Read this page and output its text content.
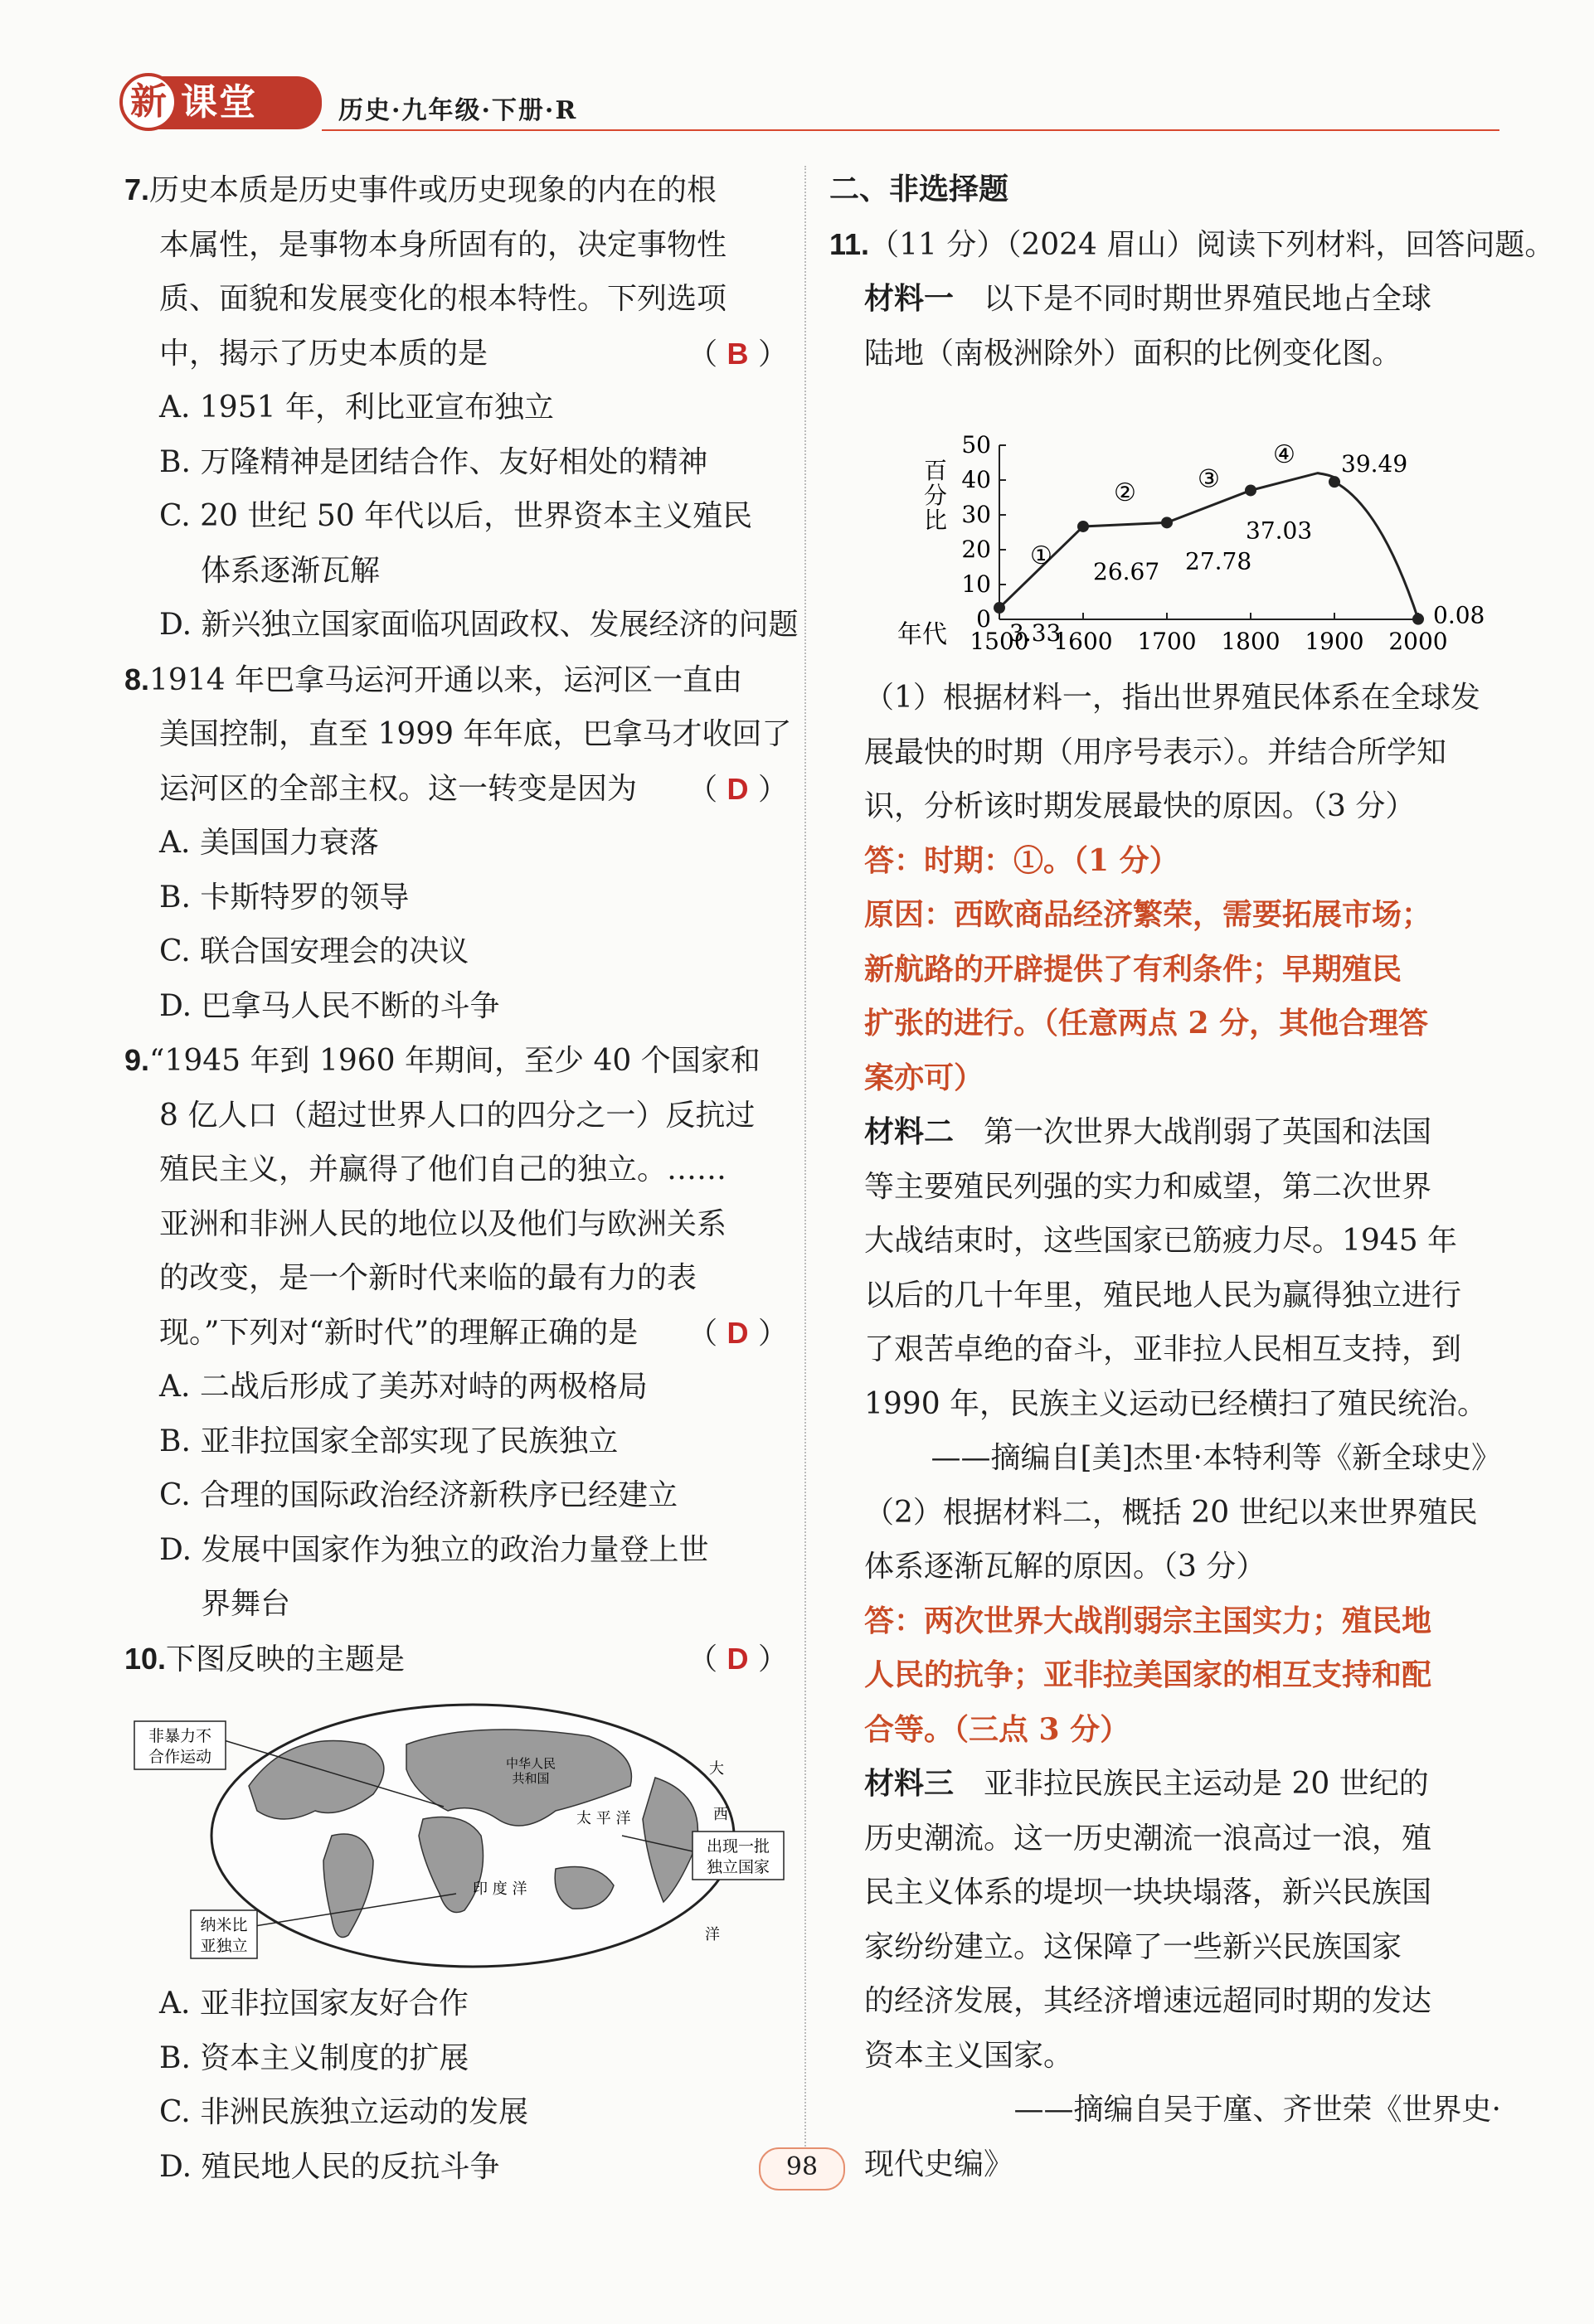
课堂
新	历史·九年级·下册·R
7.历史本质是历史事件或历史现象的内在的根
本属性，是事物本身所固有的，决定事物性
质、面貌和发展变化的根本特性。下列选项
中，揭示了历史本质的是	（ B ）
A. 1951 年，利比亚宣布独立
B. 万隆精神是团结合作、友好相处的精神
C. 20 世纪 50 年代以后，世界资本主义殖民
体系逐渐瓦解
D. 新兴独立国家面临巩固政权、发展经济的问题
8.1914 年巴拿马运河开通以来，运河区一直由
美国控制，直至 1999 年年底，巴拿马才收回了
运河区的全部主权。这一转变是因为 （ D ）
A. 美国国力衰落
B. 卡斯特罗的领导
C. 联合国安理会的决议
D. 巴拿马人民不断的斗争
9.“1945 年到 1960 年期间，至少 40 个国家和
8 亿人口（超过世界人口的四分之一）反抗过
殖民主义，并赢得了他们自己的独立。……
亚洲和非洲人民的地位以及他们与欧洲关系
的改变，是一个新时代来临的最有力的表
现。”下列对“新时代”的理解正确的是 （ D ）
A. 二战后形成了美苏对峙的两极格局
B. 亚非拉国家全部实现了民族独立
C. 合理的国际政治经济新秩序已经建立
D. 发展中国家作为独立的政治力量登上世
界舞台
10.下图反映的主题是	（ D ）
非暴力不
合作运动
出现一批
独立国家
纳米比
亚独立
中华人民
共和国
太 平 洋
印 度 洋
大
西
洋
A. 亚非拉国家友好合作
B. 资本主义制度的扩展
C. 非洲民族独立运动的发展
D. 殖民地人民的反抗斗争
二、非选择题
11.（11 分）（2024 眉山）阅读下列材料，回答问题。
材料一　 以下是不同时期世界殖民地占全球
陆地（南极洲除外）面积的比例变化图。
0
10
20
30
40
50
1500 1600 1700 1800 1900 2000
百
分
比
年代	3.33
26.67 27.78
37.03
39.49
0.08
①
② ③
④
（1）根据材料一，指出世界殖民体系在全球发
展最快的时期（用序号表示）。并结合所学知
识，分析该时期发展最快的原因。（3 分）
答：时期：①。（1 分）
原因：西欧商品经济繁荣，需要拓展市场；
新航路的开辟提供了有利条件；早期殖民
扩张的进行。（任意两点 2 分，其他合理答
案亦可）
材料二　 第一次世界大战削弱了英国和法国
等主要殖民列强的实力和威望，第二次世界
大战结束时，这些国家已筋疲力尽。1945 年
以后的几十年里，殖民地人民为赢得独立进行
了艰苦卓绝的奋斗，亚非拉人民相互支持，到
1990 年，民族主义运动已经横扫了殖民统治。
——摘编自[美]杰里·本特利等《新全球史》
（2）根据材料二，概括 20 世纪以来世界殖民
体系逐渐瓦解的原因。（3 分）
答：两次世界大战削弱宗主国实力；殖民地
人民的抗争；亚非拉美国家的相互支持和配
合等。（三点 3 分）
材料三　 亚非拉民族民主运动是 20 世纪的
历史潮流。这一历史潮流一浪高过一浪，殖
民主义体系的堤坝一块块塌落，新兴民族国
家纷纷建立。这保障了一些新兴民族国家
的经济发展，其经济增速远超同时期的发达
资本主义国家。
——摘编自吴于廑、齐世荣《世界史·
现代史编》
98
